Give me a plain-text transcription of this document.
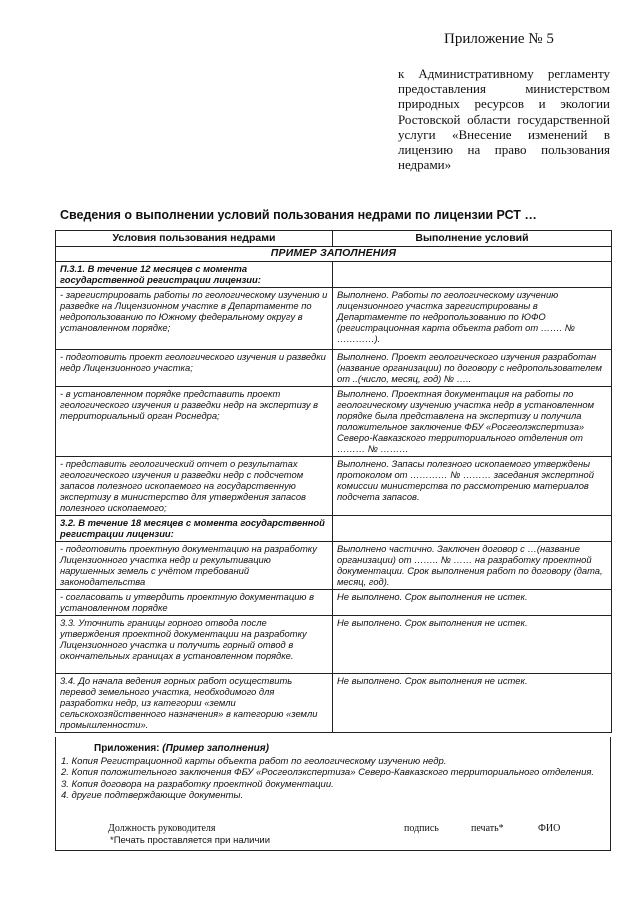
Приложение № 5
к Административному регламенту предоставления министерством природных ресурсов и экологии Ростовской области государственной услуги «Внесение изменений в лицензию на право пользования недрами»
Сведения о выполнении условий пользования недрами по лицензии РСТ …
Условия пользования недрами	Выполнение условий
ПРИМЕР ЗАПОЛНЕНИЯ	
П.3.1. В течение 12 месяцев с момента государственной регистрации лицензии:	
- зарегистрировать работы по геологическому изучению и разведке на Лицензионном участке в Департаменте по недропользованию по Южному федеральному округу в установленном порядке;	Выполнено. Работы по геологическому изучению лицензионного участка зарегистрированы в Департаменте по недропользованию по ЮФО (регистрационная карта объекта работ от ……. № …………).
- подготовить проект геологического изучения и разведки недр Лицензионного участка;	Выполнено. Проект геологического изучения разработан (название организации) по договору с недропользователем от ..(число, месяц, год) № …..
- в установленном порядке представить проект геологического изучения и разведки недр на экспертизу в территориальный орган Роснедра;	Выполнено. Проектная документация на работы по геологическому изучению участка недр в установленном порядке была представлена на экспертизу и получила положительное заключение ФБУ «Росгеолэкспертиза» Северо-Кавказского территориального отделения от ……… № ………
- представить геологический отчет о результатах геологического изучения и разведки недр с подсчетом запасов полезного ископаемого на государственную экспертизу в министерство для утверждения запасов полезного ископаемого;	Выполнено. Запасы полезного ископаемого утверждены протоколом от ………… № ……… заседания экспертной комиссии министерства по рассмотрению материалов подсчета запасов.
3.2. В течение 18 месяцев с момента государственной регистрации лицензии:	
- подготовить проектную документацию на разработку Лицензионного участка недр и рекультивацию нарушенных земель с учётом требований законодательства	Выполнено частично. Заключен договор с …(название организации) от …….. № …… на разработку проектной документации. Срок выполнения работ по договору (дата, месяц, год).
- согласовать и утвердить проектную документацию в установленном порядке	Не выполнено. Срок выполнения не истек.
3.3. Уточнить границы горного отвода после утверждения проектной документации на разработку Лицензионного участка и получить горный отвод в окончательных границах в установленном порядке.	Не выполнено. Срок выполнения не истек.
3.4. До начала ведения горных работ осуществить перевод земельного участка, необходимого для разработки недр, из категории «земли сельскохозяйственного назначения» в категорию «земли промышленности».	Не выполнено. Срок выполнения не истек.
Приложения: (Пример заполнения)
1. Копия Регистрационной карты объекта работ по геологическому изучению недр.
2. Копия положительного заключения ФБУ «Росгеолэкспертиза» Северо-Кавказского территориального отделения.
3. Копия договора на разработку проектной документации.
4. другие подтверждающие документы.
Должность руководителя	подпись	печать*	ФИО
*Печать проставляется при наличии
